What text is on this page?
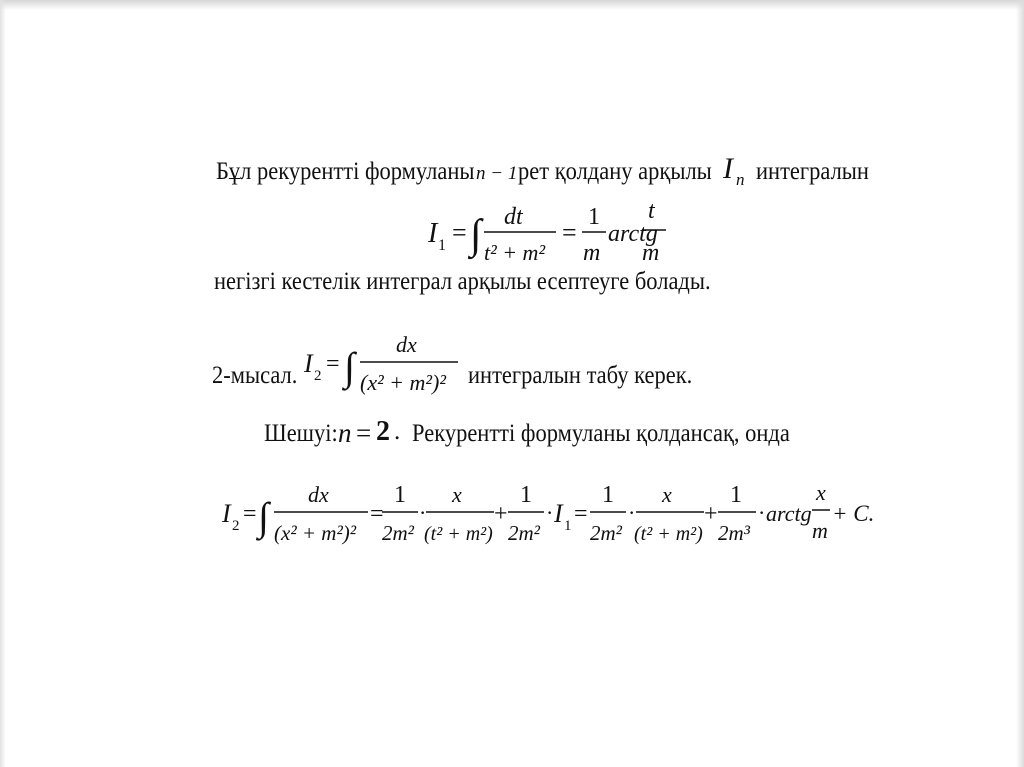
Бұл рекурентті формуланы n − 1 рет қолдану арқылы I n интегралын
I 1 = ∫ dt
t² + m²
=
1
m
arctg
t
m
негізгі кестелік интеграл арқылы есептеуге болады.
2-мысал. I 2 = ∫ dx
(x² + m²)² интегралын табу керек.
Шешуі: n = 2 . Рекурентті формуланы қолдансақ, онда
I 2 = ∫ dx
(x² + m²)²
=
1
2m²
·
x
(t² + m²)
+
1
2m²
· I 1 =
1
2m²
·
x
(t² + m²)
+
1
2m³
· arctg
x
m
+ C.
